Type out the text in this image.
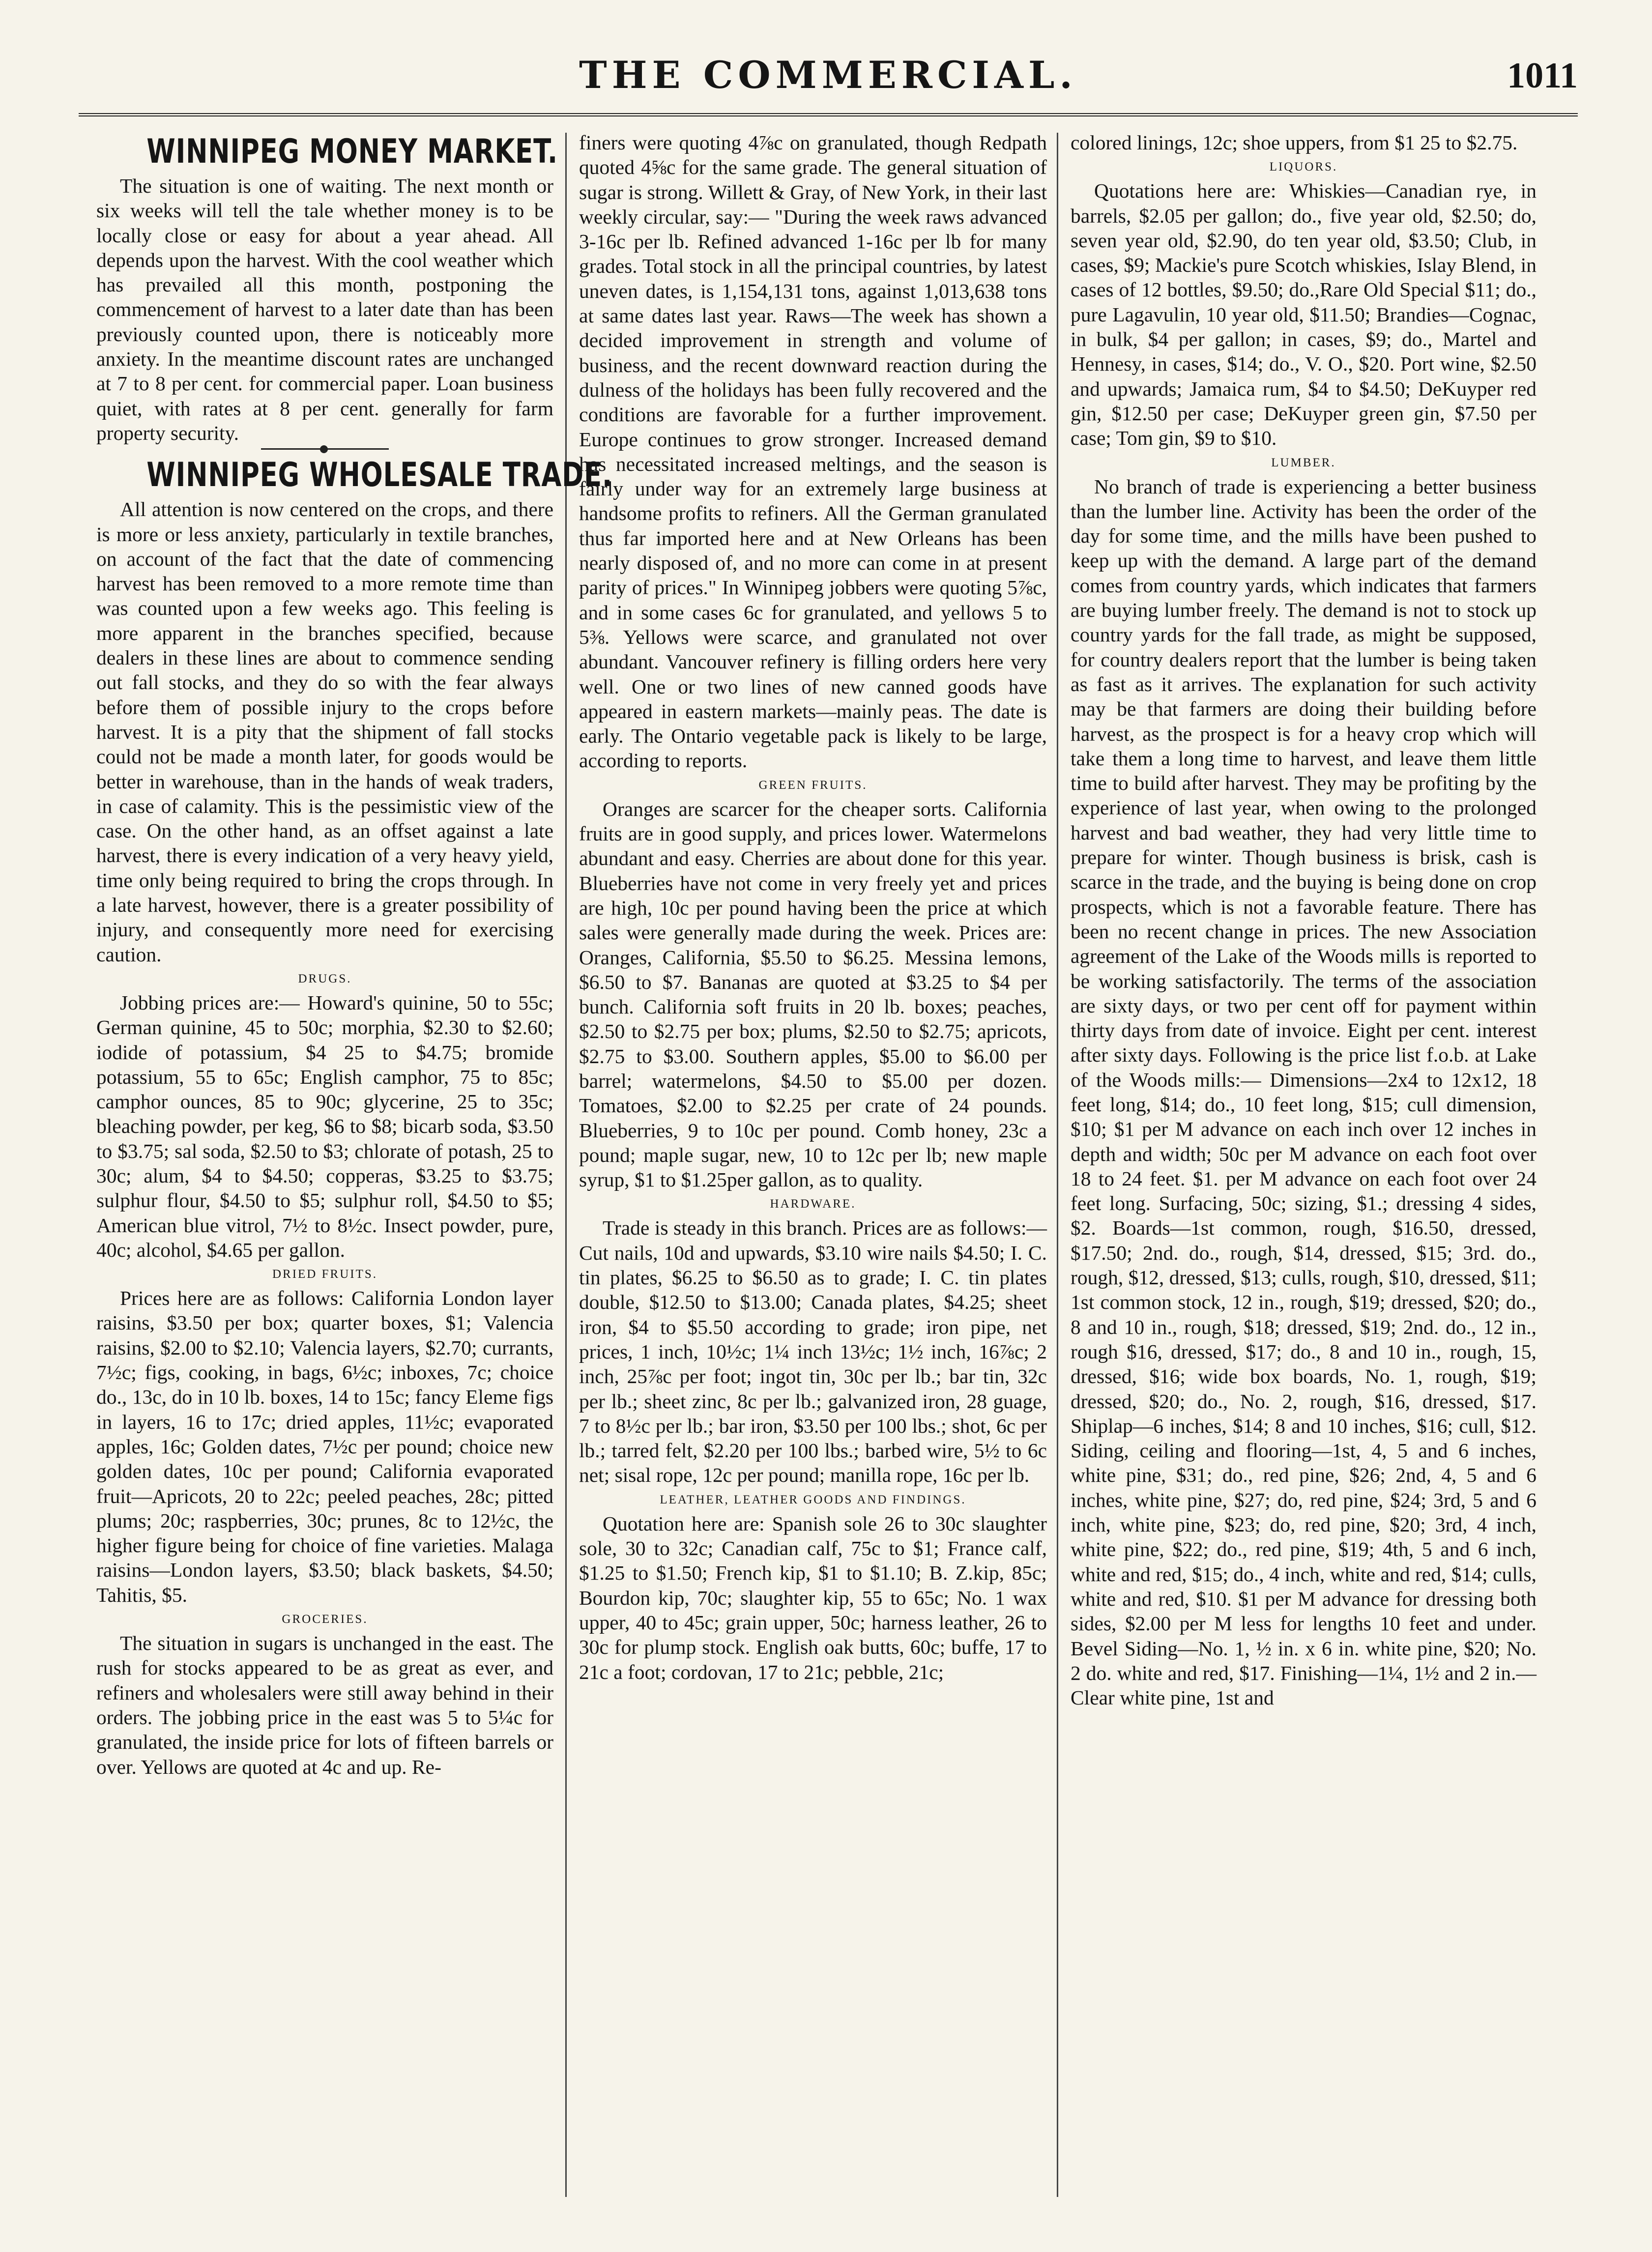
THE COMMERCIAL.	1011
WINNIPEG MONEY MARKET.

The situation is one of waiting. The next month or six weeks will tell the tale whether money is to be locally close or easy for about a year ahead. All depends upon the harvest. With the cool weather which has prevailed all this month, postponing the commencement of harvest to a later date than has been previously counted upon, there is noticeably more anxiety. In the meantime discount rates are unchanged at 7 to 8 per cent. for commercial paper. Loan business quiet, with rates at 8 per cent. generally for farm property security.

WINNIPEG WHOLESALE TRADE.

All attention is now centered on the crops, and there is more or less anxiety, particularly in textile branches, on account of the fact that the date of commencing harvest has been removed to a more remote time than was counted upon a few weeks ago. This feeling is more apparent in the branches specified, because dealers in these lines are about to commence sending out fall stocks, and they do so with the fear always before them of possible injury to the crops before harvest. It is a pity that the shipment of fall stocks could not be made a month later, for goods would be better in warehouse, than in the hands of weak traders, in case of calamity. This is the pessimistic view of the case. On the other hand, as an offset against a late harvest, there is every indication of a very heavy yield, time only being required to bring the crops through. In a late harvest, however, there is a greater possibility of injury, and consequently more need for exercising caution.

DRUGS.

Jobbing prices are:— Howard's quinine, 50 to 55c; German quinine, 45 to 50c; morphia, $2.30 to $2.60; iodide of potassium, $4 25 to $4.75; bromide potassium, 55 to 65c; English camphor, 75 to 85c; camphor ounces, 85 to 90c; glycerine, 25 to 35c; bleaching powder, per keg, $6 to $8; bicarb soda, $3.50 to $3.75; sal soda, $2.50 to $3; chlorate of potash, 25 to 30c; alum, $4 to $4.50; copperas, $3.25 to $3.75; sulphur flour, $4.50 to $5; sulphur roll, $4.50 to $5; American blue vitrol, 7½ to 8½c. Insect powder, pure, 40c; alcohol, $4.65 per gallon.

DRIED FRUITS.

Prices here are as follows: California London layer raisins, $3.50 per box; quarter boxes, $1; Valencia raisins, $2.00 to $2.10; Valencia layers, $2.70; currants, 7½c; figs, cooking, in bags, 6½c; inboxes, 7c; choice do., 13c, do in 10 lb. boxes, 14 to 15c; fancy Eleme figs in layers, 16 to 17c; dried apples, 11½c; evaporated apples, 16c; Golden dates, 7½c per pound; choice new golden dates, 10c per pound; California evaporated fruit—Apricots, 20 to 22c; peeled peaches, 28c; pitted plums; 20c; raspberries, 30c; prunes, 8c to 12½c, the higher figure being for choice of fine varieties. Malaga raisins—London layers, $3.50; black baskets, $4.50; Tahitis, $5.

GROCERIES.

The situation in sugars is unchanged in the east. The rush for stocks appeared to be as great as ever, and refiners and wholesalers were still away behind in their orders. The jobbing price in the east was 5 to 5¼c for granulated, the inside price for lots of fifteen barrels or over. Yellows are quoted at 4c and up. Re-

finers were quoting 4⅞c on granulated, though Redpath quoted 4⅝c for the same grade. The general situation of sugar is strong. Willett & Gray, of New York, in their last weekly circular, say:— "During the week raws advanced 3-16c per lb. Refined advanced 1-16c per lb for many grades. Total stock in all the principal countries, by latest uneven dates, is 1,154,131 tons, against 1,013,638 tons at same dates last year. Raws—The week has shown a decided improvement in strength and volume of business, and the recent downward reaction during the dulness of the holidays has been fully recovered and the conditions are favorable for a further improvement. Europe continues to grow stronger. Increased demand has necessitated increased meltings, and the season is fairly under way for an extremely large business at handsome profits to refiners. All the German granulated thus far imported here and at New Orleans has been nearly disposed of, and no more can come in at present parity of prices." In Winnipeg jobbers were quoting 5⅞c, and in some cases 6c for granulated, and yellows 5 to 5⅜. Yellows were scarce, and granulated not over abundant. Vancouver refinery is filling orders here very well. One or two lines of new canned goods have appeared in eastern markets—mainly peas. The date is early. The Ontario vegetable pack is likely to be large, according to reports.

GREEN FRUITS.

Oranges are scarcer for the cheaper sorts. California fruits are in good supply, and prices lower. Watermelons abundant and easy. Cherries are about done for this year. Blueberries have not come in very freely yet and prices are high, 10c per pound having been the price at which sales were generally made during the week. Prices are: Oranges, California, $5.50 to $6.25. Messina lemons, $6.50 to $7. Bananas are quoted at $3.25 to $4 per bunch. California soft fruits in 20 lb. boxes; peaches, $2.50 to $2.75 per box; plums, $2.50 to $2.75; apricots, $2.75 to $3.00. Southern apples, $5.00 to $6.00 per barrel; watermelons, $4.50 to $5.00 per dozen. Tomatoes, $2.00 to $2.25 per crate of 24 pounds. Blueberries, 9 to 10c per pound. Comb honey, 23c a pound; maple sugar, new, 10 to 12c per lb; new maple syrup, $1 to $1.25per gallon, as to quality.

HARDWARE.

Trade is steady in this branch. Prices are as follows:— Cut nails, 10d and upwards, $3.10 wire nails $4.50; I. C. tin plates, $6.25 to $6.50 as to grade; I. C. tin plates double, $12.50 to $13.00; Canada plates, $4.25; sheet iron, $4 to $5.50 according to grade; iron pipe, net prices, 1 inch, 10½c; 1¼ inch 13½c; 1½ inch, 16⅞c; 2 inch, 25⅞c per foot; ingot tin, 30c per lb.; bar tin, 32c per lb.; sheet zinc, 8c per lb.; galvanized iron, 28 guage, 7 to 8½c per lb.; bar iron, $3.50 per 100 lbs.; shot, 6c per lb.; tarred felt, $2.20 per 100 lbs.; barbed wire, 5½ to 6c net; sisal rope, 12c per pound; manilla rope, 16c per lb.

LEATHER, LEATHER GOODS AND FINDINGS.

Quotation here are: Spanish sole 26 to 30c slaughter sole, 30 to 32c; Canadian calf, 75c to $1; France calf, $1.25 to $1.50; French kip, $1 to $1.10; B. Z.kip, 85c; Bourdon kip, 70c; slaughter kip, 55 to 65c; No. 1 wax upper, 40 to 45c; grain upper, 50c; harness leather, 26 to 30c for plump stock. English oak butts, 60c; buffe, 17 to 21c a foot; cordovan, 17 to 21c; pebble, 21c;

colored linings, 12c; shoe uppers, from $1 25 to $2.75.

LIQUORS.

Quotations here are: Whiskies—Canadian rye, in barrels, $2.05 per gallon; do., five year old, $2.50; do, seven year old, $2.90, do ten year old, $3.50; Club, in cases, $9; Mackie's pure Scotch whiskies, Islay Blend, in cases of 12 bottles, $9.50; do.,Rare Old Special $11; do., pure Lagavulin, 10 year old, $11.50; Brandies—Cognac, in bulk, $4 per gallon; in cases, $9; do., Martel and Hennesy, in cases, $14; do., V. O., $20. Port wine, $2.50 and upwards; Jamaica rum, $4 to $4.50; DeKuyper red gin, $12.50 per case; DeKuyper green gin, $7.50 per case; Tom gin, $9 to $10.

LUMBER.

No branch of trade is experiencing a better business than the lumber line. Activity has been the order of the day for some time, and the mills have been pushed to keep up with the demand. A large part of the demand comes from country yards, which indicates that farmers are buying lumber freely. The demand is not to stock up country yards for the fall trade, as might be supposed, for country dealers report that the lumber is being taken as fast as it arrives. The explanation for such activity may be that farmers are doing their building before harvest, as the prospect is for a heavy crop which will take them a long time to harvest, and leave them little time to build after harvest. They may be profiting by the experience of last year, when owing to the prolonged harvest and bad weather, they had very little time to prepare for winter. Though business is brisk, cash is scarce in the trade, and the buying is being done on crop prospects, which is not a favorable feature. There has been no recent change in prices. The new Association agreement of the Lake of the Woods mills is reported to be working satisfactorily. The terms of the association are sixty days, or two per cent off for payment within thirty days from date of invoice. Eight per cent. interest after sixty days. Following is the price list f.o.b. at Lake of the Woods mills:— Dimensions—2x4 to 12x12, 18 feet long, $14; do., 10 feet long, $15; cull dimension, $10; $1 per M advance on each inch over 12 inches in depth and width; 50c per M advance on each foot over 18 to 24 feet. $1. per M advance on each foot over 24 feet long. Surfacing, 50c; sizing, $1.; dressing 4 sides, $2. Boards—1st common, rough, $16.50, dressed, $17.50; 2nd. do., rough, $14, dressed, $15; 3rd. do., rough, $12, dressed, $13; culls, rough, $10, dressed, $11; 1st common stock, 12 in., rough, $19; dressed, $20; do., 8 and 10 in., rough, $18; dressed, $19; 2nd. do., 12 in., rough $16, dressed, $17; do., 8 and 10 in., rough, 15, dressed, $16; wide box boards, No. 1, rough, $19; dressed, $20; do., No. 2, rough, $16, dressed, $17. Shiplap—6 inches, $14; 8 and 10 inches, $16; cull, $12. Siding, ceiling and flooring—1st, 4, 5 and 6 inches, white pine, $31; do., red pine, $26; 2nd, 4, 5 and 6 inches, white pine, $27; do, red pine, $24; 3rd, 5 and 6 inch, white pine, $23; do, red pine, $20; 3rd, 4 inch, white pine, $22; do., red pine, $19; 4th, 5 and 6 inch, white and red, $15; do., 4 inch, white and red, $14; culls, white and red, $10. $1 per M advance for dressing both sides, $2.00 per M less for lengths 10 feet and under. Bevel Siding—No. 1, ½ in. x 6 in. white pine, $20; No. 2 do. white and red, $17. Finishing—1¼, 1½ and 2 in.—Clear white pine, 1st and
